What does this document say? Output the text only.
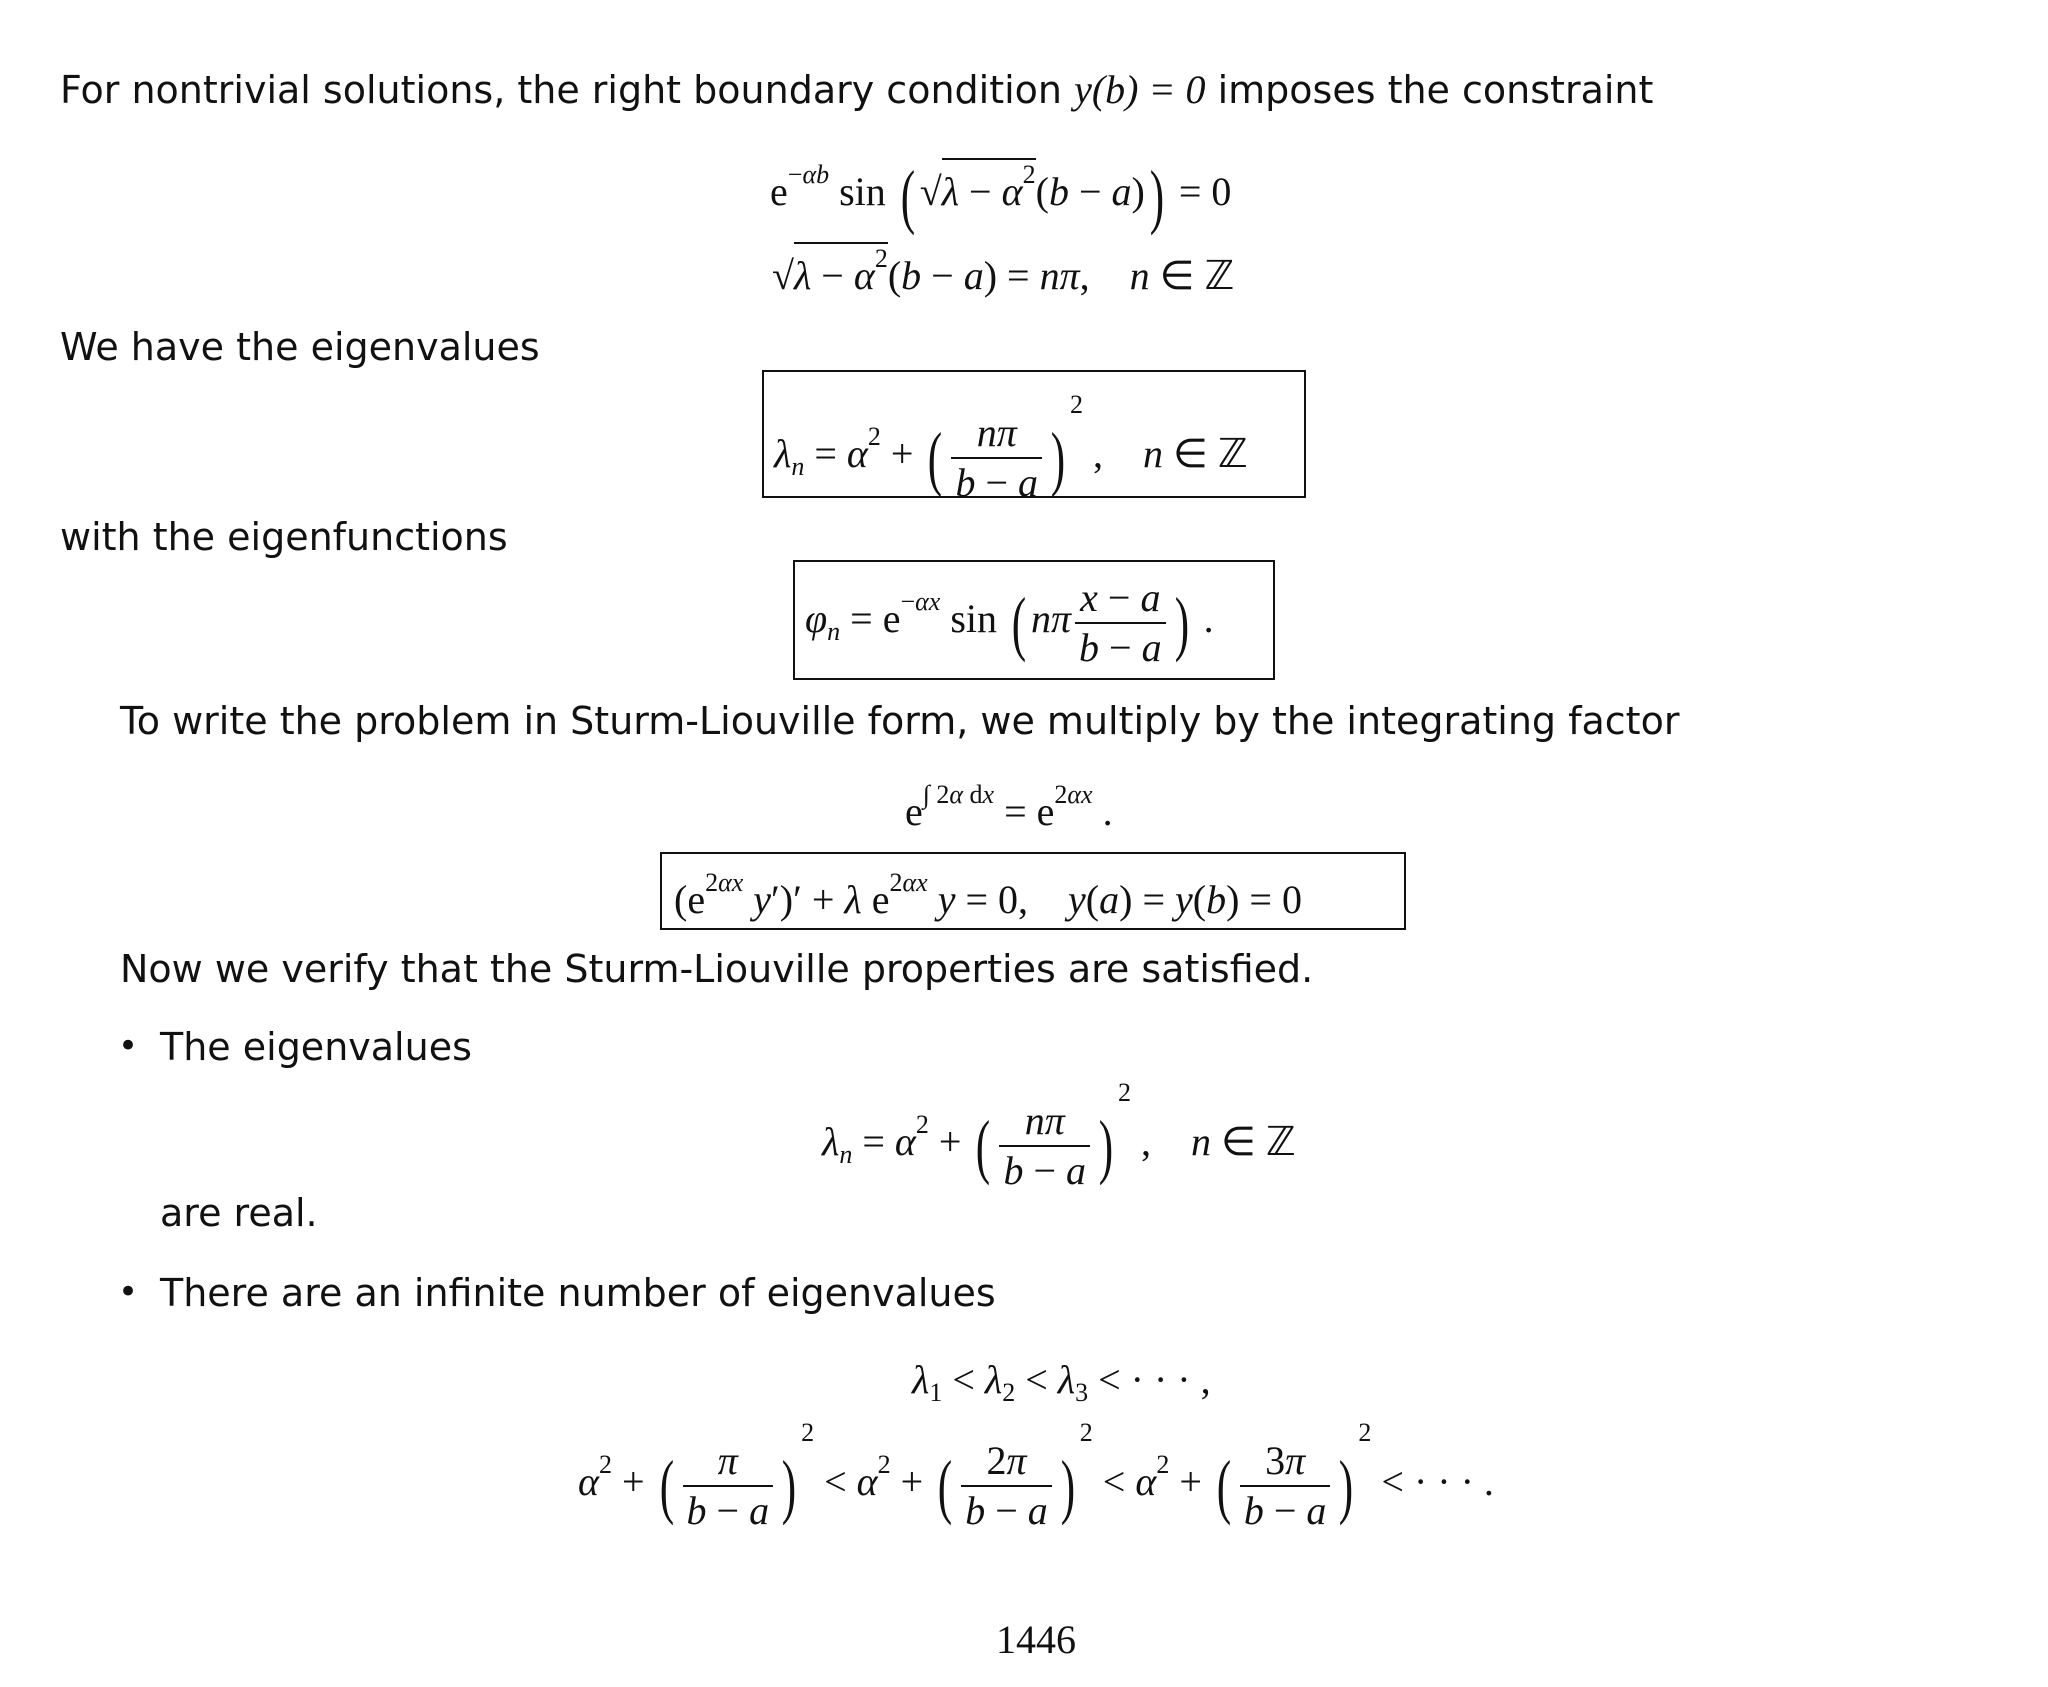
For nontrivial solutions, the right boundary condition y(b) = 0 imposes the constraint
$e^{-\alpha b}$ sin ( $√\lambda - \alpha^2(b - a)) = 0$
$√\lambda - \alpha^2(b - a) = n\pi$,    n ∈ ℤ
We have the eigenvalues
$\lambda_n = \alpha^2$ + ( $\frac{n\pi}{b - a} )^2$ ,    n ∈ ℤ
with the eigenfunctions
$\varphi_n = e^{-\alpha x}$ sin ( nπ $\frac{x - a}{b - a}$ ) .
To write the problem in Sturm-Liouville form, we multiply by the integrating factor
$e^{\int 2\alpha dx} = e^{2\alpha x}$ .
($e^{2\alpha x}$ y′)′ + λ $e^{2\alpha x}$ y = 0,    y(a) = y(b) = 0
Now we verify that the Sturm-Liouville properties are satisfied.
• The eigenvalues
$\lambda_n = \alpha^2$ + ( $\frac{n\pi}{b - a} )^2$ ,    n ∈ ℤ
are real.
• There are an infinite number of eigenvalues
$\lambda_1 < \lambda_2 < \lambda_3$ < · · · ,
$\alpha^2$ + ( $\frac{\pi}{b - a} )^2 < \alpha^2$ + ( $\frac{2\pi}{b - a} )^2 < \alpha^2$ + ( $\frac{3\pi}{b - a} )^2$ < · · · .
1446
